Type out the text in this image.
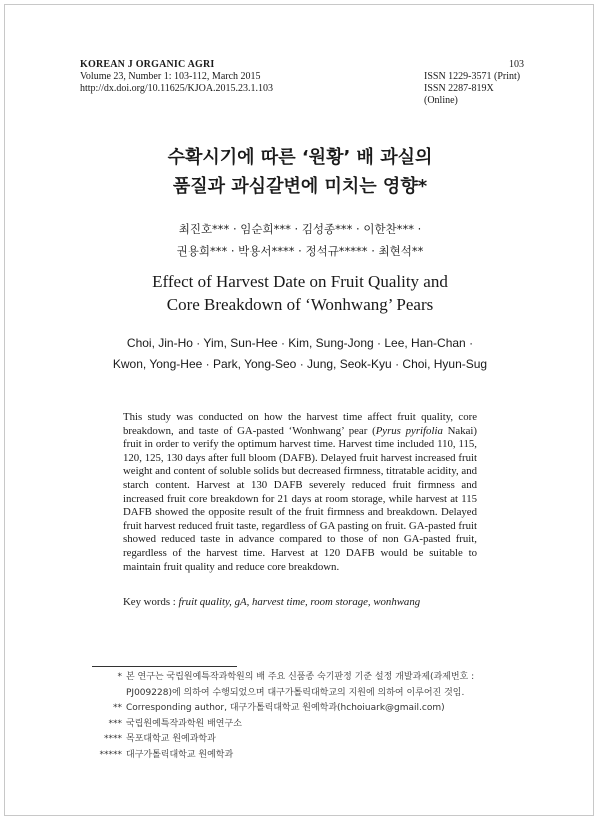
KOREAN J ORGANIC AGRI
Volume 23, Number 1: 103-112, March 2015
http://dx.doi.org/10.11625/KJOA.2015.23.1.103
103
ISSN 1229-3571 (Print)
ISSN 2287-819X (Online)
수확시기에 따른 ‘원황’ 배 과실의
품질과 과심갈변에 미치는 영향*
최진호*** · 임순희*** · 김성종*** · 이한찬*** ·
권용희*** · 박용서**** · 정석규***** · 최현석**
Effect of Harvest Date on Fruit Quality and
Core Breakdown of ‘Wonhwang’ Pears
Choi, Jin-Ho · Yim, Sun-Hee · Kim, Sung-Jong · Lee, Han-Chan ·
Kwon, Yong-Hee · Park, Yong-Seo · Jung, Seok-Kyu · Choi, Hyun-Sug

This study was conducted on how the harvest time affect fruit quality, core breakdown, and taste of GA-pasted ‘Wonhwang’ pear (Pyrus pyrifolia Nakai) fruit in order to verify the optimum harvest time. Harvest time included 110, 115, 120, 125, 130 days after full bloom (DAFB). Delayed fruit harvest increased fruit weight and content of soluble solids but decreased firmness, titratable acidity, and starch content. Harvest at 130 DAFB severely reduced fruit firmness and increased fruit core breakdown for 21 days at room storage, while harvest at 115 DAFB showed the opposite result of the fruit firmness and breakdown. Delayed fruit harvest reduced fruit taste, regardless of GA pasting on fruit. GA-pasted fruit showed reduced taste in advance compared to those of non GA-pasted fruit, regardless of the harvest time. Harvest at 120 DAFB would be suitable to maintain fruit quality and reduce core breakdown.

Key words : fruit quality, gA, harvest time, room storage, wonhwang

* 본 연구는 국립원예특작과학원의 배 주요 신품종 숙기판정 기준 설정 개발과제(과제번호 :
PJ009228)에 의하여 수행되었으며 대구가톨릭대학교의 지원에 의하여 이루어진 것임.
** Corresponding author, 대구가톨릭대학교 원예학과(hchoiuark@gmail.com)
*** 국립원예특작과학원 배연구소
**** 목포대학교 원예과학과
***** 대구가톨릭대학교 원예학과
